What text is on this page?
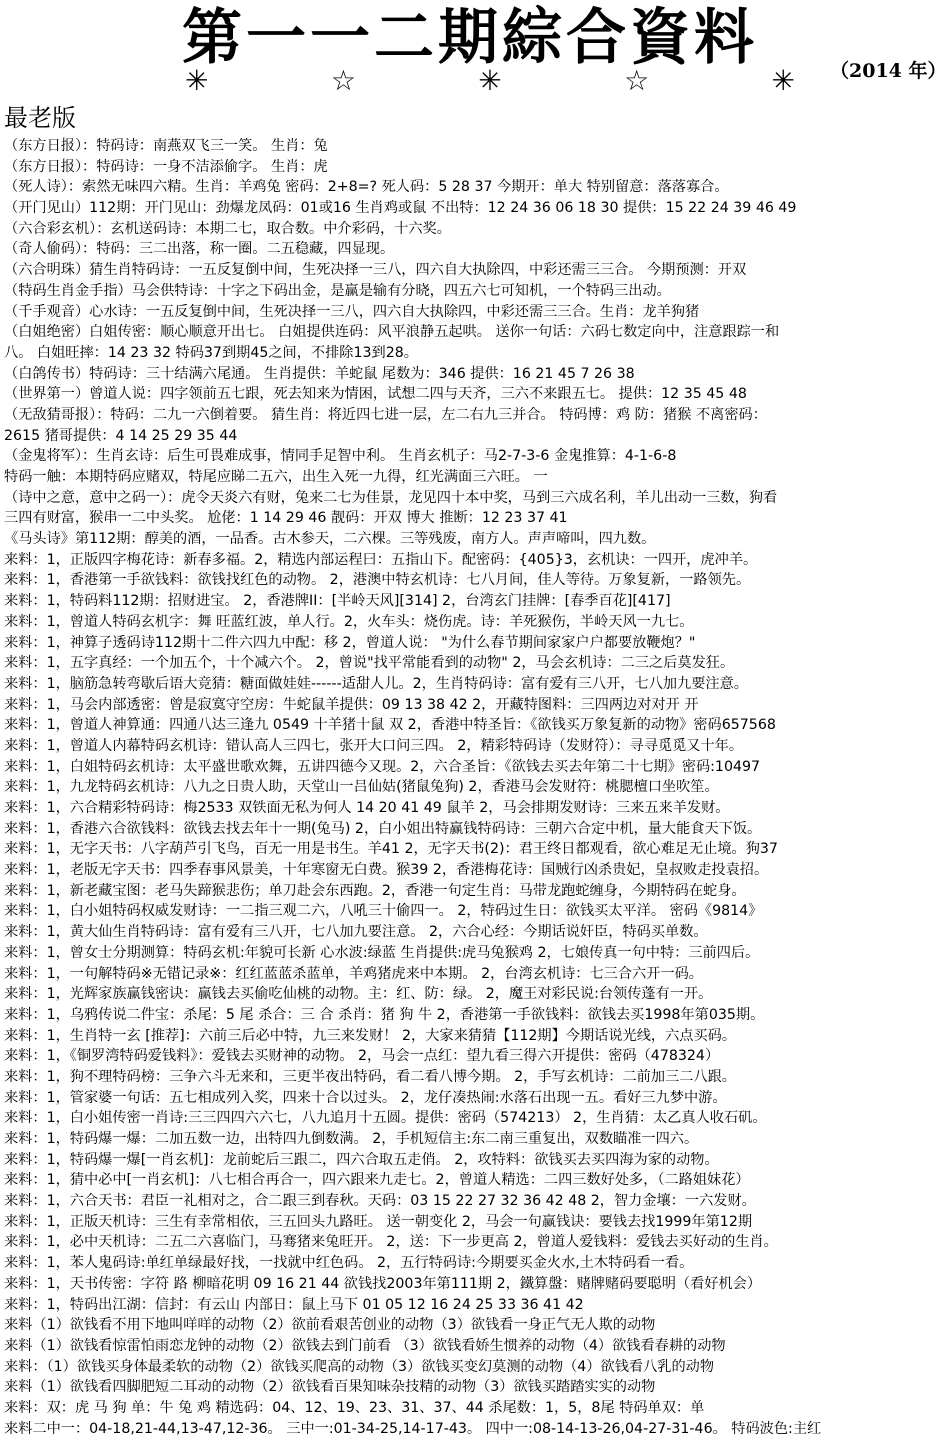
第一一二期綜合資料
✳	☆	✳	☆	✳ （2014 年）
最老版
（东方日报）：特码诗：南燕双飞三一笑。 生肖：兔
（东方日报）：特码诗：一身不洁添偷字。 生肖：虎
（死人诗）：索然无味四六精。生肖：羊鸡兔 密码：2+8=? 死人码：5 28 37 今期开：单大 特别留意：落落寡合。
（开门见山）112期：开门见山：劲爆龙凤码：01或16 生肖鸡或鼠 不出特：12 24 36 06 18 30 提供：15 22 24 39 46 49
（六合彩玄机）：玄机送码诗：本期二七，取合数。中介彩码，十六奖。
（奇人偷码）：特码：三二出落，称一圈。二五稳藏，四显现。
（六合明珠）猜生肖特码诗：一五反复倒中间，生死决择一三八，四六自大执除四，中彩还需三三合。 今期预测：开双
（特码生肖金手指）马会供特诗：十字之下码出金，是赢是输有分晓，四五六七可知机，一个特码三出动。
（千手观音）心水诗：一五反复倒中间，生死决择一三八，四六自大执除四，中彩还需三三合。生肖：龙羊狗猪
（白姐绝密）白姐传密：顺心顺意开出七。 白姐提供连码：风平浪静五起哄。 送你一句话：六码七数定向中，注意跟踪一和
八。 白姐旺摔：14 23 32 特码37到期45之间，不排除13到28。
（白鸽传书）特码诗：三十结满六尾通。 生肖提供：羊蛇鼠 尾数为：346 提供：16 21 45 7 26 38
（世界第一）曾道人说：四字领前五七跟，死去知来为情困，试想二四与天齐，三六不来跟五七。 提供：12 35 45 48
（无敌猜哥报）：特码：二九一六倒着要。 猜生肖：将近四七进一层，左二右九三并合。 特码博：鸡 防：猪猴 不离密码：
2615 猪哥提供：4 14 25 29 35 44
（金鬼将军）：生肖玄诗：后生可畏难成事，情同手足智中利。 生肖玄机子：马2-7-3-6 金鬼推算：4-1-6-8
特码一触：本期特码应赌双，特尾应睇二五六，出生入死一九得，红光满面三六旺。 一
（诗中之意，意中之码一）：虎令天炎六有财，兔来二七为佳景，龙见四十本中奖，马到三六成名利，羊儿出动一三数，狗看
三四有财富，猴串一二中头奖。 尬佬：1 14 29 46 靓码：开双 博大 推断：12 23 37 41
《马头诗》第112期：醇美的酒，一品香。古木参天，二六棵。三等残废，南方人。声声啼叫，四九数。
来料：1，正版四字梅花诗：新春多福。2，精选内部运程曰：五指山下。配密码：{405}3，玄机诀：一四开，虎冲羊。
来料：1，香港第一手欲钱料：欲钱找红色的动物。 2，港澳中特玄机诗：七八月间，佳人等待。万象复新，一路领先。
来料：1，特码料112期：招财进宝。 2，香港牌II：[半岭天风][314] 2，台湾玄门挂牌：[春季百花][417]
来料：1，曾道人特码玄机字：舞 旺蓝红波，单人行。2，火车头：烧伤虎。诗：羊死猴伤，半岭天风一九七。
来料：1，神算子透码诗112期十二件六四九中配：移 2，曾道人说： "为什么春节期间家家户户都要放鞭炮？"
来料：1，五字真经：一个加五个，十个减六个。 2，曾说"找平常能看到的动物" 2，马会玄机诗：二三之后莫发狂。
来料：1，脑筋急转弯歇后语大竞猜：糖面做娃娃------适甜人儿。2，生肖特码诗：富有爱有三八开，七八加九要注意。
来料：1，马会内部透密：曾是寂寞守空房：牛蛇鼠羊提供：09 13 38 42 2，开藏特图料：三四两边对对开 开
来料：1，曾道人神算通：四通八达三逢九 0549 十羊猪十鼠 双 2，香港中特圣旨：《欲钱买万象复新的动物》密码657568
来料：1，曾道人内幕特码玄机诗：错认高人三四七，张开大口问三四。 2，精彩特码诗（发财符）：寻寻觅觅又十年。
来料：1，白姐特码玄机诗：太平盛世歌欢舞，五讲四德今又现。2，六合圣旨：《欲钱去买去年第二十七期》密码:10497
来料：1，九龙特码玄机诗：八九之日贵人助，天堂山一吕仙姑(猪鼠兔狗) 2，香港马会发财符：桃腮檀口坐吹笙。
来料：1，六合精彩特码诗：梅2533 双铁面无私为何人 14 20 41 49 鼠羊 2，马会排期发财诗：三来五来羊发财。
来料：1，香港六合欲钱料：欲钱去找去年十一期(兔马) 2，白小姐出特赢钱特码诗：三朝六合定中机，量大能食天下饭。
来料：1，无字天书：八字葫芦引飞鸟，百无一用是书生。羊41 2，无字天书(2)：君王终日都观看，欲心难足无止境。狗37
来料：1，老版无字天书：四季春事风景美，十年寒窗无白费。猴39 2，香港梅花诗：国贼行凶杀贵妃，皇叔败走投袁招。
来料：1，新老藏宝图：老马失蹄猴悲伤；单刀赴会东西跑。2，香港一句定生肖：马带龙跑蛇缠身，今期特码在蛇身。
来料：1，白小姐特码权威发财诗：一二指三观二六，八吼三十偷四一。 2，特码过生日：欲钱买太平洋。 密码《9814》
来料：1，黄大仙生肖特码诗：富有爱有三八开，七八加九要注意。 2，六合心经：今期话说奸臣，特码买单数。
来料：1，曾女士分期测算：特码玄机:年貌可长新 心水波:绿蓝 生肖提供:虎马兔猴鸡 2，七娘传真一句中特：三前四后。
来料：1，一句解特码※无错记录※：红红蓝蓝杀蓝单，羊鸡猪虎来中本期。 2，台湾玄机诗：七三合六开一码。
来料：1，光辉家族赢钱密诀：赢钱去买偷吃仙桃的动物。主：红、防：绿。 2，魔王对彩民说:台领传蓬有一开。
来料：1，乌鸦传说二件宝：杀尾：5 尾 杀合：三 合 杀肖：猪 狗 牛 2，香港第一手欲钱料：欲钱去买1998年第035期。
来料：1，生肖特一玄 [推荐]：六前三后必中特，九三来发财！ 2，大家来猜猜【112期】今期话说光线，六点买码。
来料：1，《铜罗湾特码爱钱料》：爱钱去买财神的动物。 2，马会一点红：望九看三得六开提供：密码（478324）
来料：1，狗不理特码榜：三争六斗无来和，三更半夜出特码，看二看八博今期。 2，手写玄机诗：二前加三二八跟。
来料：1，管家婆一句话：五七相成列入奖，四来十合以过头。 2，龙仔凑热闹:水落石出现一五。看好三九梦中游。
来料：1，白小姐传密一肖诗:三三四四六六七，八九追月十五圆。提供：密码（574213） 2，生肖猜：太乙真人收石矶。
来料：1，特码爆一爆：二加五数一边，出特四九倒数满。 2，手机短信主:东二南三重复出，双数瞄准一四六。
来料：1，特码爆一爆[一肖玄机]：龙前蛇后三跟二，四六合取五走俏。 2，攻特料：欲钱买去买四海为家的动物。
来料：1，猜中必中[一肖玄机]：八七相合再合一，四六跟来九走七。2，曾道人精选：二四三数好处多，（二路姐妹花）
来料：1，六合天书：君臣一礼相对之，合二跟三到春秋。天码：03 15 22 27 32 36 42 48 2，智力金壤：一六发财。
来料：1，正版天机诗：三生有幸常相依，三五回头九路旺。 送一朝变化 2，马会一句赢钱诀：要钱去找1999年第12期
来料：1，必中天机诗：二五二六喜临门，马骞猪来兔旺开。 2，送：下一步更高 2，曾道人爱钱料：爱钱去买好动的生肖。
来料：1，苯人鬼码诗:单红单绿最好找，一找就中红色码。 2，五行特码诗:今期要买金火水,土木特码看一看。
来料：1，天书传密：字符 路 柳暗花明 09 16 21 44 欲钱找2003年第111期 2，鐵算盤：赌牌赌码要聪明（看好机会）
来料：1，特码出江湖：信封：有云山 内部日：鼠上马下 01 05 12 16 24 25 33 36 41 42
来料（1）欲钱看不用下地叫咩咩的动物（2）欲前看艰苦创业的动物（3）欲钱看一身正气无人欺的动物
来料（1）欲钱看惊雷怕雨恋龙钟的动物（2）欲钱去到门前看 （3）欲钱看娇生惯养的动物（4）欲钱看春耕的动物
来料：（1）欲钱买身体最柔软的动物（2）欲钱买爬高的动物（3）欲钱买变幻莫测的动物（4）欲钱看八乳的动物
来料（1）欲钱看四脚肥短二耳动的动物（2）欲钱看百果知味杂技精的动物（3）欲钱买踏踏实实的动物
来料：双：虎 马 狗 单：牛 兔 鸡 精选码：04、12、19、23、31、37、44 杀尾数：1，5，8尾 特码单双：单
来料二中一：04-18,21-44,13-47,12-36。 三中一:01-34-25,14-17-43。 四中一:08-14-13-26,04-27-31-46。 特码波色:主红
